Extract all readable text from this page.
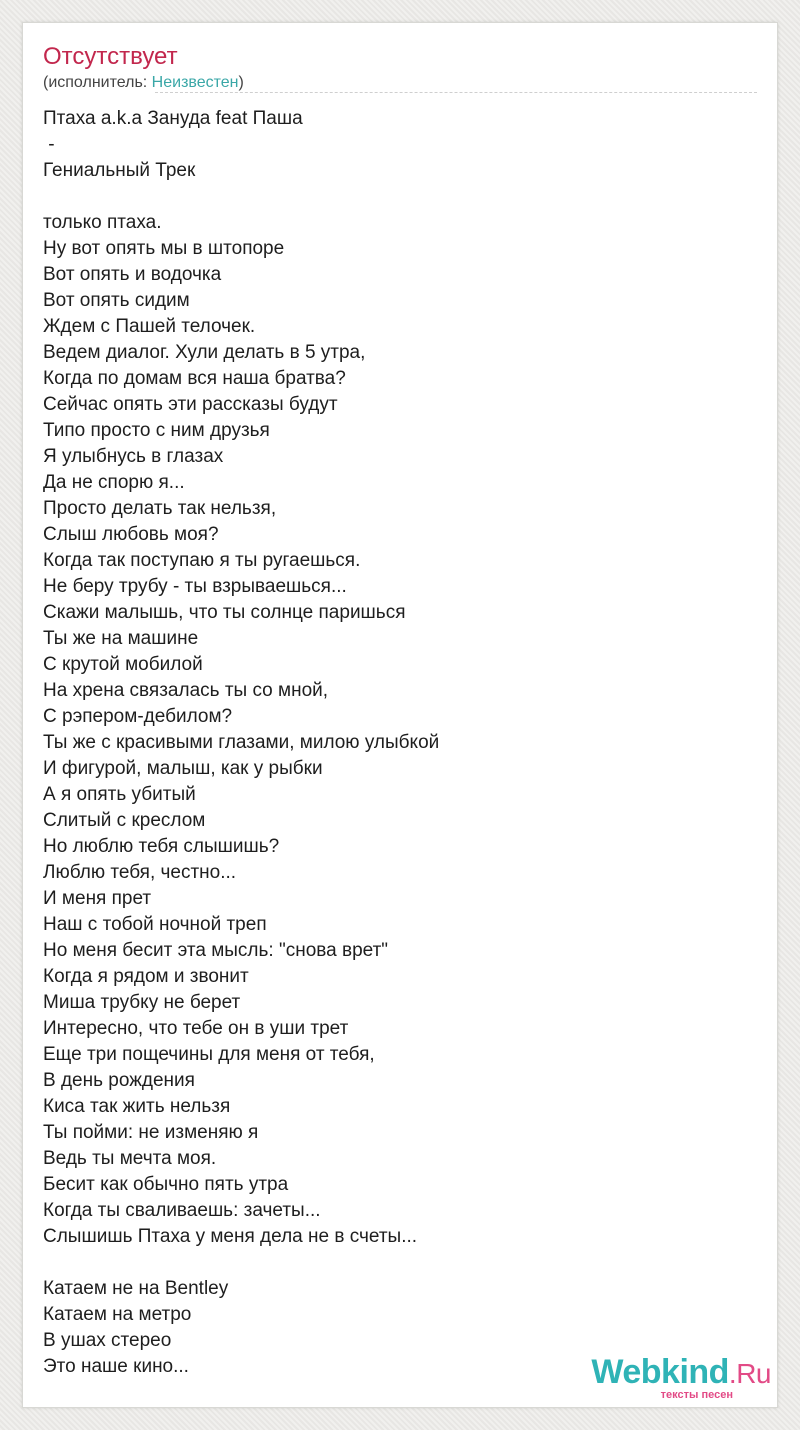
Отсутствует
(исполнитель: Неизвестен)
Птаха a.k.a Зануда feat Паша
-
Гениальный Трек

только птаха.
Ну вот опять мы в штопоре
Вот опять и водочка
Вот опять сидим
Ждем с Пашей телочек.
Ведем диалог. Хули делать в 5 утра,
Когда по домам вся наша братва?
Сейчас опять эти рассказы будут
Типо просто с ним друзья
Я улыбнусь в глазах
Да не спорю я...
Просто делать так нельзя,
Слыш любовь моя?
Когда так поступаю я ты ругаешься.
Не беру трубу - ты взрываешься...
Скажи малышь, что ты солнце паришься
Ты же на машине
С крутой мобилой
На хрена связалась ты со мной,
С рэпером-дебилом?
Ты же с красивыми глазами, милою улыбкой
И фигурой, малыш, как у рыбки
А я опять убитый
Слитый с креслом
Но люблю тебя слышишь?
Люблю тебя, честно...
И меня прет
Наш с тобой ночной треп
Но меня бесит эта мысль: "снова врет"
Когда я рядом и звонит
Миша трубку не берет
Интересно, что тебе он в уши трет
Еще три пощечины для меня от тебя,
В день рождения
Киса так жить нельзя
Ты пойми: не изменяю я
Ведь ты мечта моя.
Бесит как обычно пять утра
Когда ты сваливаешь: зачеты...
Слышишь Птаха у меня дела не в счеты...

Катаем не на Bentley
Катаем на метро
В ушах стерео
Это наше кино...	Webkind.Ru
тексты песен
